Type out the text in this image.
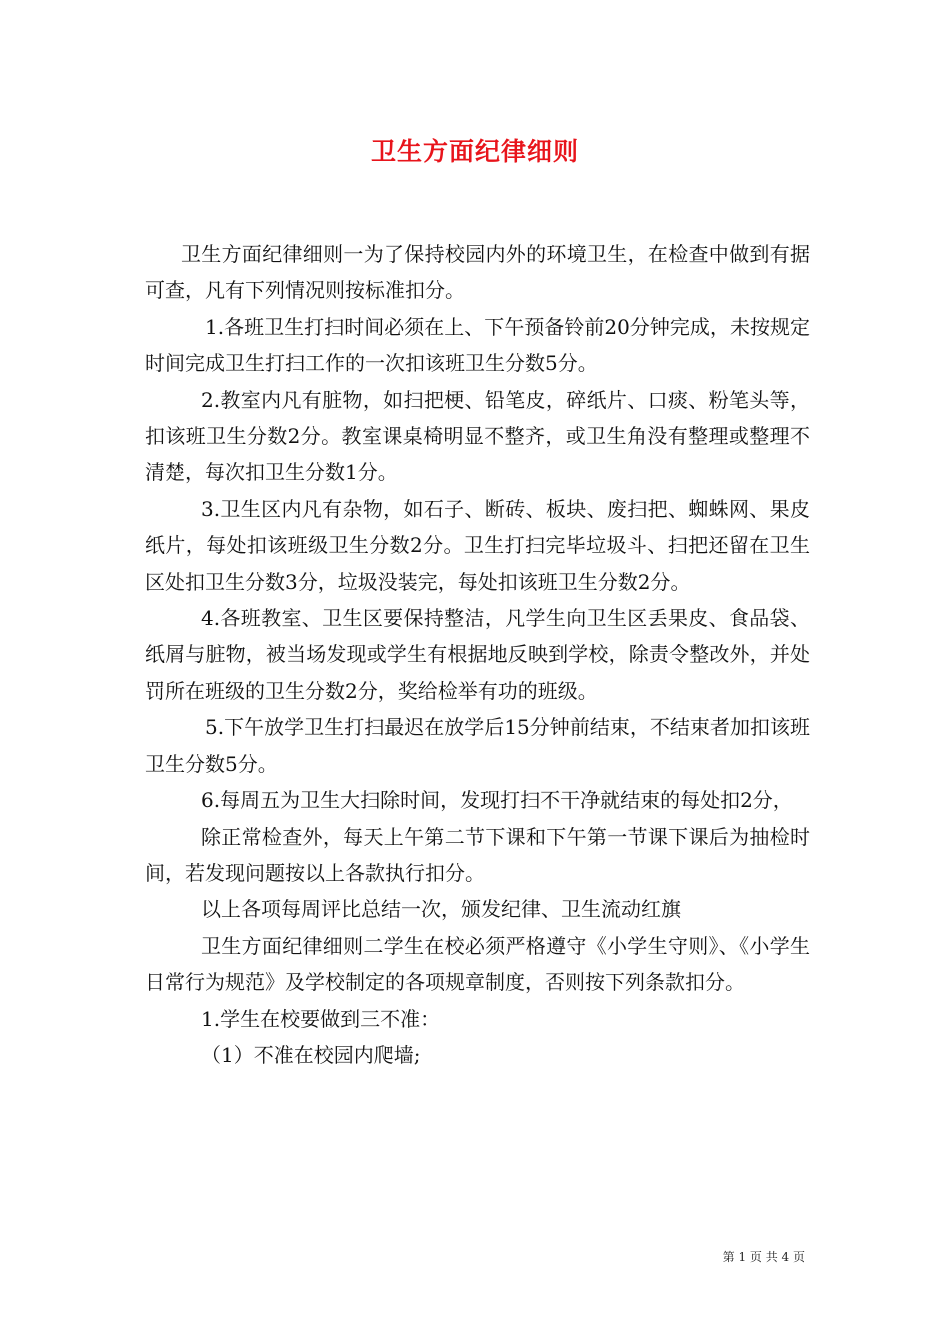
卫生方面纪律细则

卫生方面纪律细则一为了保持校园内外的环境卫生，在检查中做到有据可查，凡有下列情况则按标准扣分。

1.各班卫生打扫时间必须在上、下午预备铃前20分钟完成，未按规定时间完成卫生打扫工作的一次扣该班卫生分数5分。

2.教室内凡有脏物，如扫把梗、铅笔皮，碎纸片、口痰、粉笔头等，扣该班卫生分数2分。教室课桌椅明显不整齐，或卫生角没有整理或整理不清楚，每次扣卫生分数1分。

3.卫生区内凡有杂物，如石子、断砖、板块、废扫把、蜘蛛网、果皮纸片，每处扣该班级卫生分数2分。卫生打扫完毕垃圾斗、扫把还留在卫生区处扣卫生分数3分，垃圾没装完，每处扣该班卫生分数2分。

4.各班教室、卫生区要保持整洁，凡学生向卫生区丢果皮、食品袋、纸屑与脏物，被当场发现或学生有根据地反映到学校，除责令整改外，并处罚所在班级的卫生分数2分，奖给检举有功的班级。

5.下午放学卫生打扫最迟在放学后15分钟前结束，不结束者加扣该班卫生分数5分。

6.每周五为卫生大扫除时间，发现打扫不干净就结束的每处扣2分，

除正常检查外，每天上午第二节下课和下午第一节课下课后为抽检时间，若发现问题按以上各款执行扣分。

以上各项每周评比总结一次，颁发纪律、卫生流动红旗

卫生方面纪律细则二学生在校必须严格遵守《小学生守则》、《小学生日常行为规范》及学校制定的各项规章制度，否则按下列条款扣分。

1.学生在校要做到三不准：

（1）不准在校园内爬墙;

第 1 页 共 4 页
